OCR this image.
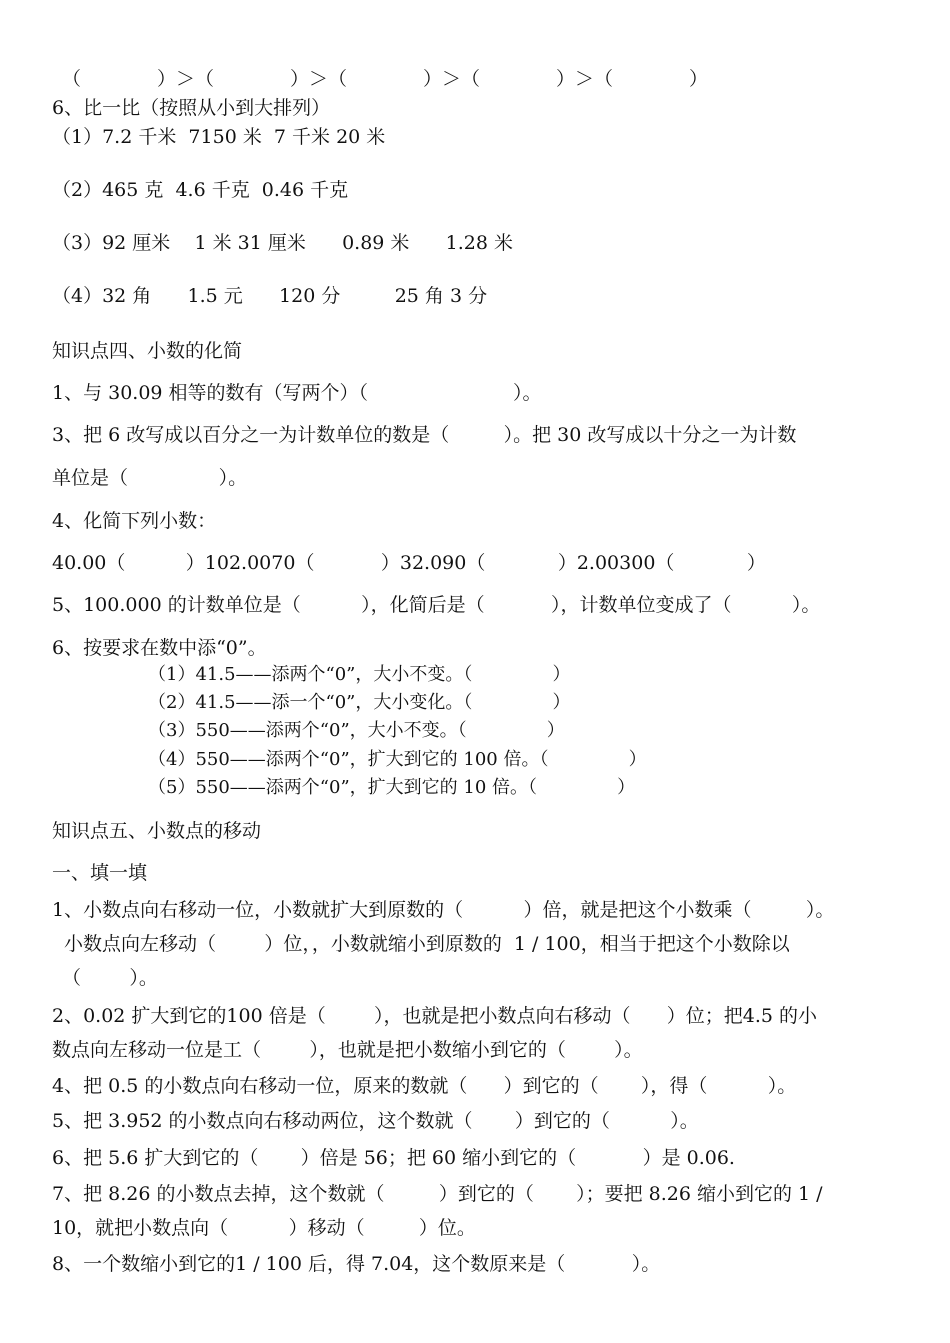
（　　　　）＞（　　　　）＞（　　　　）＞（　　　　）＞（　　　　）
6、比一比（按照从小到大排列）
（1）7.2 千米  7150 米  7 千米 20 米
（2）465 克  4.6 千克  0.46 千克
（3）92 厘米    1 米 31 厘米      0.89 米      1.28 米
（4）32 角      1.5 元      120 分         25 角 3 分
知识点四、小数的化简
1、与 30.09 相等的数有（写两个）（                        ）。
3、把 6 改写成以百分之一为计数单位的数是（         ）。把 30 改写成以十分之一为计数
单位是（               ）。
4、化简下列小数：
40.00（          ）102.0070（           ）32.090（            ）2.00300（            ）
5、100.000 的计数单位是（          ），化简后是（           ），计数单位变成了（          ）。
6、按要求在数中添“0”。
（1）41.5——添两个“0”，大小不变。（              ）
（2）41.5——添一个“0”，大小变化。（              ）
（3）550——添两个“0”，大小不变。（              ）
（4）550——添两个“0”，扩大到它的 100 倍。（              ）
（5）550——添两个“0”，扩大到它的 10 倍。（              ）
知识点五、小数点的移动
一、填一填
1、小数点向右移动一位，小数就扩大到原数的（          ）倍，就是把这个小数乘（         ）。
小数点向左移动（        ）位，，小数就缩小到原数的  1 / 100，相当于把这个小数除以
（        ）。
2、0.02 扩大到它的100 倍是（        ），也就是把小数点向右移动（      ）位；把4.5 的小
数点向左移动一位是工（        ），也就是把小数缩小到它的（        ）。
4、把 0.5 的小数点向右移动一位，原来的数就（      ）到它的（       ），得（          ）。
5、把 3.952 的小数点向右移动两位，这个数就（       ）到它的（          ）。
6、把 5.6 扩大到它的（       ）倍是 56；把 60 缩小到它的（           ）是 0.06.
7、把 8.26 的小数点去掉，这个数就（         ）到它的（       ）；要把 8.26 缩小到它的 1 /
10，就把小数点向（          ）移动（         ）位。
8、一个数缩小到它的1 / 100 后，得 7.04，这个数原来是（           ）。
